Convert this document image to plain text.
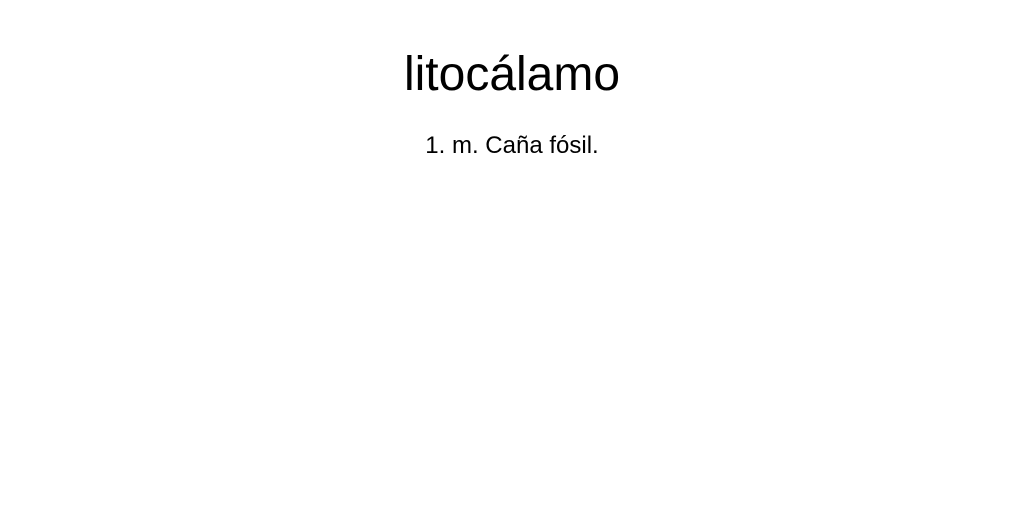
litocálamo

1. m. Caña fósil.
